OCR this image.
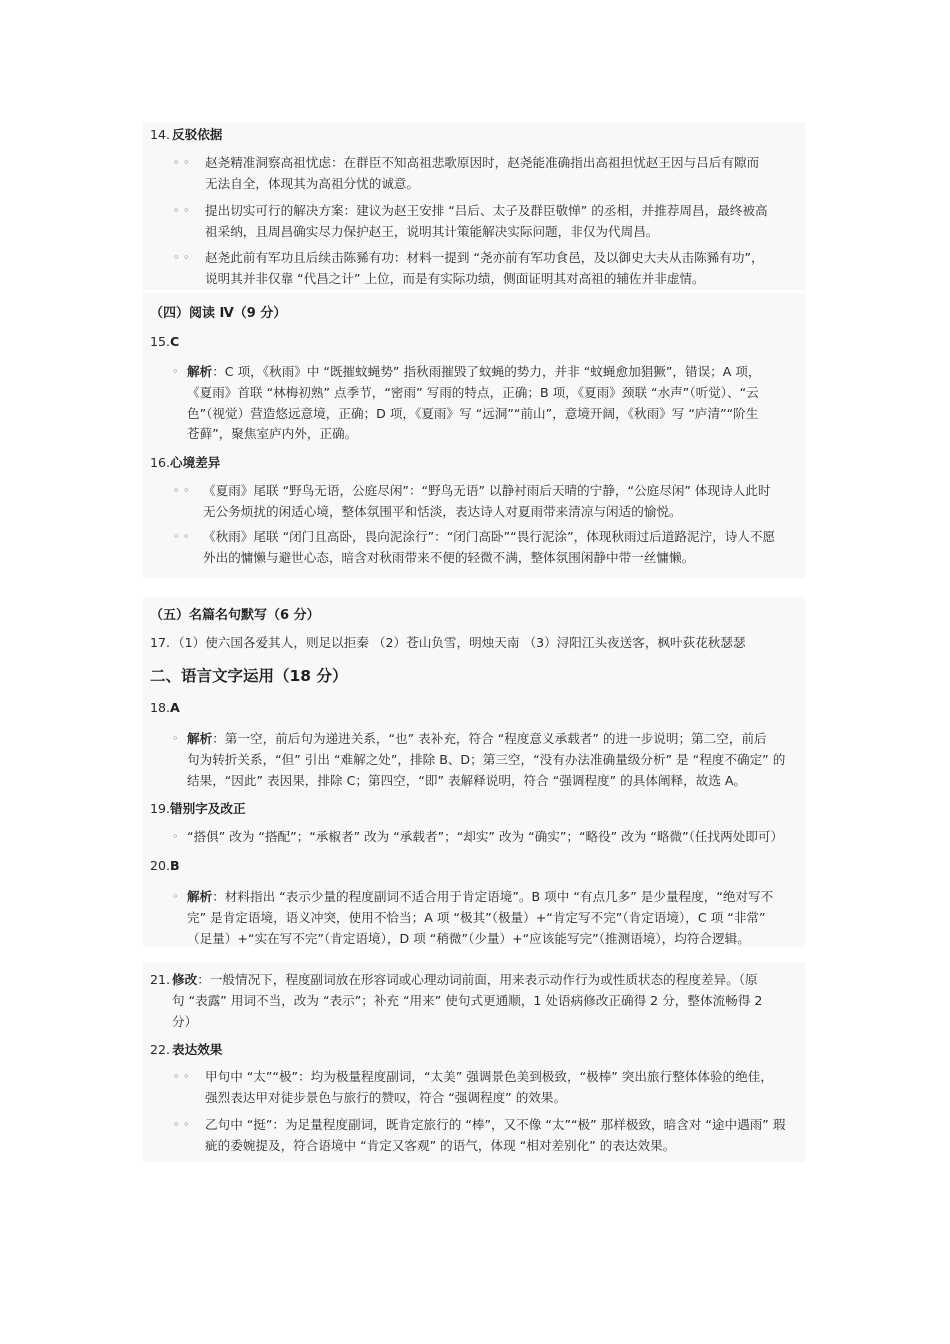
14. 反驳依据
◦ ◦ 赵尧精准洞察高祖忧虑：在群臣不知高祖悲歌原因时，赵尧能准确指出高祖担忧赵王因与吕后有隙而
无法自全，体现其为高祖分忧的诚意。
◦ ◦ 提出切实可行的解决方案：建议为赵王安排 “吕后、太子及群臣敬惮” 的丞相，并推荐周昌，最终被高
祖采纳，且周昌确实尽力保护赵王，说明其计策能解决实际问题，非仅为代周昌。
◦ ◦ 赵尧此前有军功且后续击陈豨有功：材料一提到 “尧亦前有军功食邑，及以御史大夫从击陈豨有功”，
说明其并非仅靠 “代昌之计” 上位，而是有实际功绩，侧面证明其对高祖的辅佐并非虚情。
（四）阅读 Ⅳ（9 分）
15. C
◦ 解析：C 项，《秋雨》中 “既摧蚊蝇势” 指秋雨摧毁了蚊蝇的势力，并非 “蚊蝇愈加猖獗”，错误；A 项，
《夏雨》首联 “林梅初熟” 点季节，“密雨” 写雨的特点，正确；B 项，《夏雨》颈联 “水声”（听觉）、“云
色”（视觉）营造悠远意境，正确；D 项，《夏雨》写 “远洞”“前山”，意境开阔，《秋雨》写 “庐清”“阶生
苍藓”，聚焦室庐内外，正确。
16. 心境差异
◦ ◦ 《夏雨》尾联 “野鸟无语，公庭尽闲”：“野鸟无语” 以静衬雨后天晴的宁静，“公庭尽闲” 体现诗人此时
无公务烦扰的闲适心境，整体氛围平和恬淡，表达诗人对夏雨带来清凉与闲适的愉悦。
◦ ◦ 《秋雨》尾联 “闭门且高卧，畏向泥涂行”：“闭门高卧”“畏行泥涂”，体现秋雨过后道路泥泞，诗人不愿
外出的慵懒与避世心态，暗含对秋雨带来不便的轻微不满，整体氛围闲静中带一丝慵懒。
（五）名篇名句默写（6 分）
17. （1）使六国各爱其人，则足以拒秦 （2）苍山负雪，明烛天南 （3）浔阳江头夜送客，枫叶荻花秋瑟瑟
二、语言文字运用（18 分）
18. A
◦ 解析：第一空，前后句为递进关系，“也” 表补充，符合 “程度意义承载者” 的进一步说明；第二空，前后
句为转折关系，“但” 引出 “难解之处”，排除 B、D；第三空，“没有办法准确量级分析” 是 “程度不确定” 的
结果，“因此” 表因果，排除 C；第四空，“即” 表解释说明，符合 “强调程度” 的具体阐释，故选 A。
19. 错别字及改正
◦ “搭俱” 改为 “搭配”；“承椒者” 改为 “承载者”；“却实” 改为 “确实”；“略役” 改为 “略微”（任找两处即可）
20. B
◦ 解析：材料指出 “表示少量的程度副词不适合用于肯定语境”。B 项中 “有点几多” 是少量程度，“绝对写不
完” 是肯定语境，语义冲突，使用不恰当；A 项 “极其”（极量）+“肯定写不完”（肯定语境），C 项 “非常”
（足量）+“实在写不完”（肯定语境），D 项 “稍微”（少量）+“应该能写完”（推测语境），均符合逻辑。
21. 修改：一般情况下，程度副词放在形容词或心理动词前面，用来表示动作行为或性质状态的程度差异。（原
句 “表露” 用词不当，改为 “表示”；补充 “用来” 使句式更通顺，1 处语病修改正确得 2 分，整体流畅得 2
分）
22. 表达效果
◦ ◦ 甲句中 “太”“极”：均为极量程度副词，“太美” 强调景色美到极致，“极棒” 突出旅行整体体验的绝佳，
强烈表达甲对徒步景色与旅行的赞叹，符合 “强调程度” 的效果。
◦ ◦ 乙句中 “挺”：为足量程度副词，既肯定旅行的 “棒”，又不像 “太”“极” 那样极致，暗含对 “途中遇雨” 瑕
疵的委婉提及，符合语境中 “肯定又客观” 的语气，体现 “相对差别化” 的表达效果。
